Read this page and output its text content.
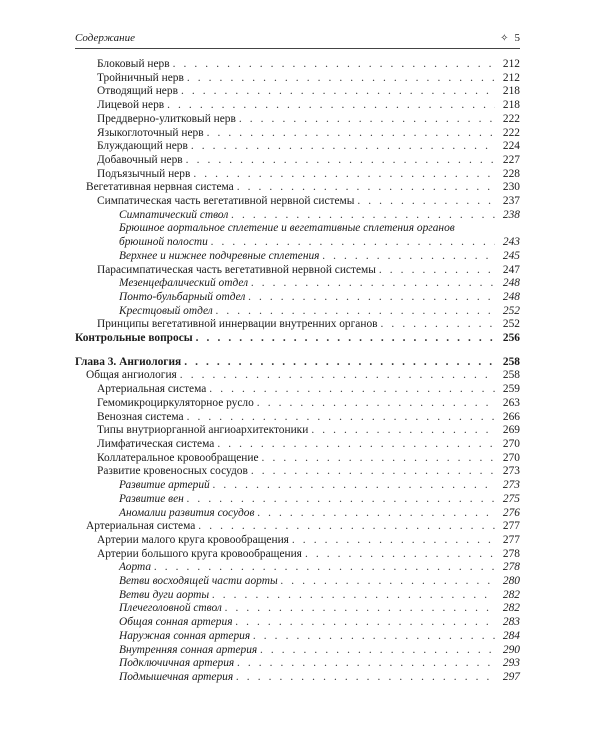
Содержание	✧ 5
Блоковый нерв . . .	212
Тройничный нерв . . .	212
Отводящий нерв . . .	218
Лицевой нерв . . .	218
Преддверно-улитковый нерв . . .	222
Языкоглоточный нерв . . .	222
Блуждающий нерв . . .	224
Добавочный нерв . . .	227
Подъязычный нерв . . .	228
Вегетативная нервная система . . .	230
Симпатическая часть вегетативной нервной системы . . .	237
Симпатический ствол . . .	238
Брюшное аортальное сплетение и вегетативные сплетения органов
брюшной полости . . .	243
Верхнее и нижнее подчревные сплетения . . .	245
Парасимпатическая часть вегетативной нервной системы . . .	247
Мезенцефалический отдел . . .	248
Понто-бульбарный отдел . . .	248
Крестцовый отдел . . .	252
Принципы вегетативной иннервации внутренних органов . . .	252
Контрольные вопросы . . .	256
Глава 3. Ангиология . . .	258
Общая ангиология . . .	258
Артериальная система . . .	259
Гемомикроциркуляторное русло . . .	263
Венозная система . . .	266
Типы внутриорганной ангиоархитектоники . . .	269
Лимфатическая система . . .	270
Коллатеральное кровообращение . . .	270
Развитие кровеносных сосудов . . .	273
Развитие артерий . . .	273
Развитие вен . . .	275
Аномалии развития сосудов . . .	276
Артериальная система . . .	277
Артерии малого круга кровообращения . . .	277
Артерии большого круга кровообращения . . .	278
Аорта . . .	278
Ветви восходящей части аорты . . .	280
Ветви дуги аорты . . .	282
Плечеголовной ствол . . .	282
Общая сонная артерия . . .	283
Наружная сонная артерия . . .	284
Внутренняя сонная артерия . . .	290
Подключичная артерия . . .	293
Подмышечная артерия . . .	297
